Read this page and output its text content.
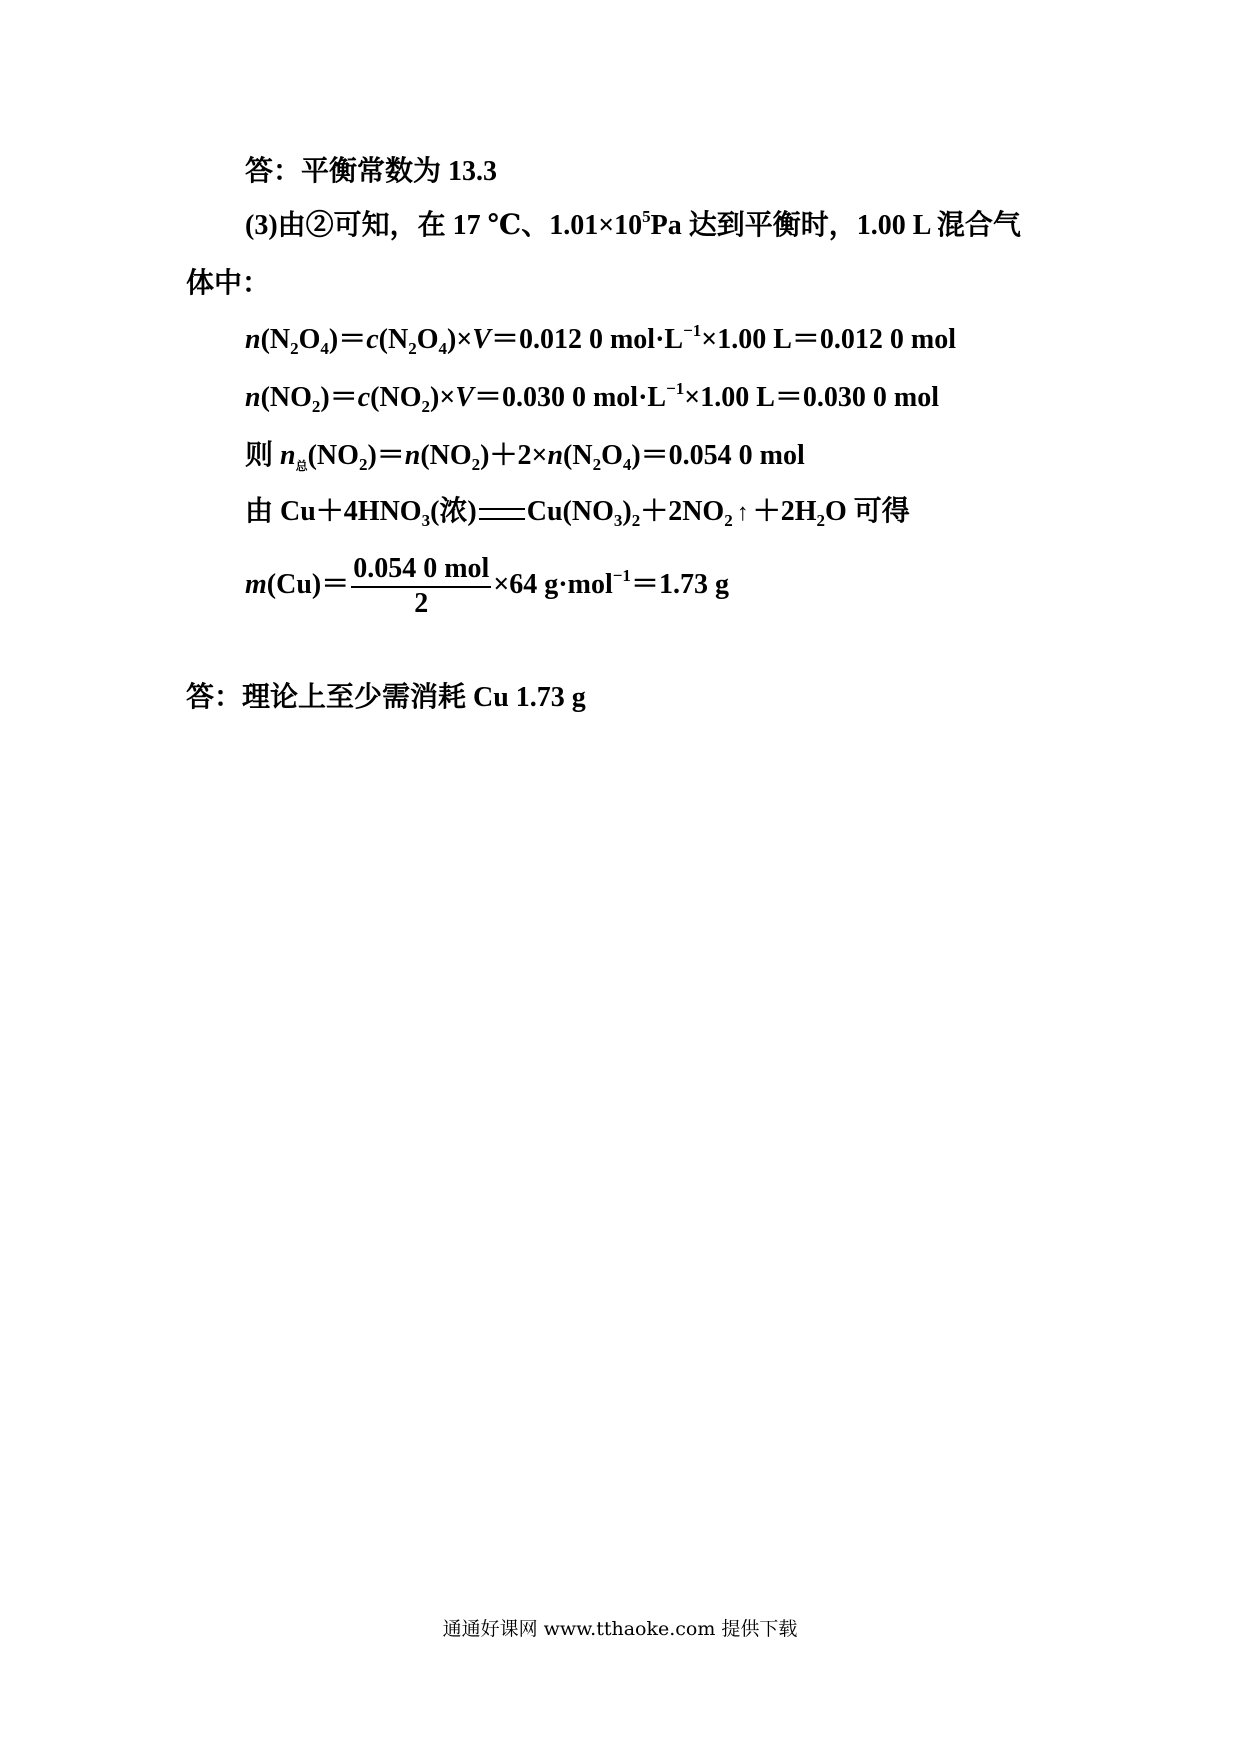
答：平衡常数为 13.3
(3)由②可知，在 17 ℃、$1.01\times 10^5Pa$ 达到平衡时，1.00 L 混合气
体中：
$n(N_2O_4)=c(N_2O_4)\times V=0.012$ 0 $mol\cdot L^{-1}\times 1.00$ L＝0.012 0 mol
$n(NO_2)=c(NO_2)\times V=0.030$ 0 $mol\cdot L^{-1}\times 1.00$ L＝0.030 0 mol
则 $n_总(NO_2)=n(NO_2)+2\times n(N_2O_4)=0.054$ 0 mol
由 $Cu+4HNO_3$(浓) $Cu(NO_3)_2+2NO_2$ ↑ $+2H_2O$ 可得
$m(Cu)= \frac{\text{0.054 0 mol}}{2} \times 64$ g·mol$^{-1}$＝1.73 g
答：理论上至少需消耗 Cu 1.73 g
通通好课网 www.tthaoke.com 提供下载
